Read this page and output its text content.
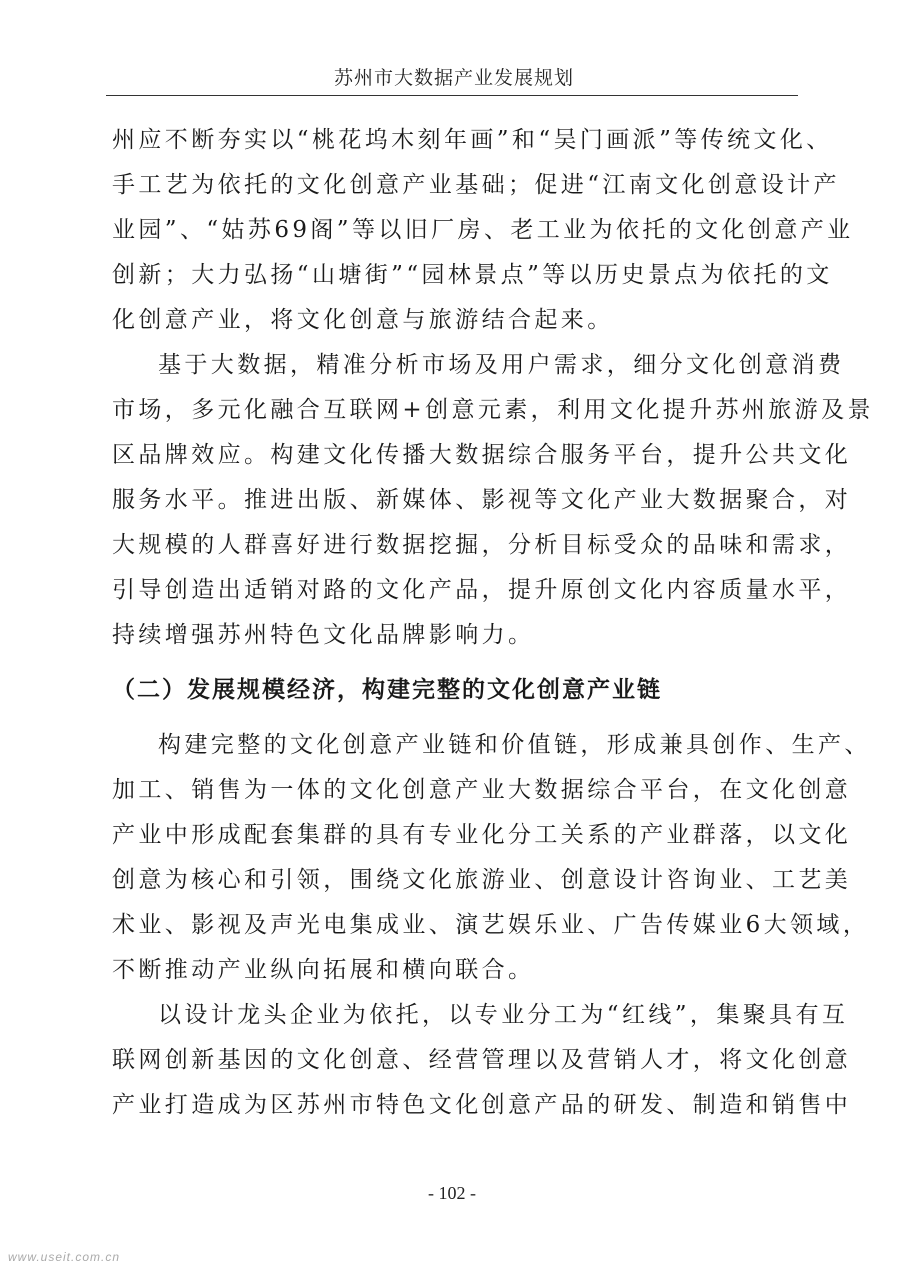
苏州市大数据产业发展规划
州应不断夯实以“桃花坞木刻年画”和“吴门画派”等传统文化、
手工艺为依托的文化创意产业基础；促进“江南文化创意设计产
业园”、“姑苏69阁”等以旧厂房、老工业为依托的文化创意产业
创新；大力弘扬“山塘街”“园林景点”等以历史景点为依托的文
化创意产业，将文化创意与旅游结合起来。
基于大数据，精准分析市场及用户需求，细分文化创意消费
市场，多元化融合互联网+创意元素，利用文化提升苏州旅游及景
区品牌效应。构建文化传播大数据综合服务平台，提升公共文化
服务水平。推进出版、新媒体、影视等文化产业大数据聚合，对
大规模的人群喜好进行数据挖掘，分析目标受众的品味和需求，
引导创造出适销对路的文化产品，提升原创文化内容质量水平，
持续增强苏州特色文化品牌影响力。
（二）发展规模经济，构建完整的文化创意产业链
构建完整的文化创意产业链和价值链，形成兼具创作、生产、
加工、销售为一体的文化创意产业大数据综合平台，在文化创意
产业中形成配套集群的具有专业化分工关系的产业群落，以文化
创意为核心和引领，围绕文化旅游业、创意设计咨询业、工艺美
术业、影视及声光电集成业、演艺娱乐业、广告传媒业6大领域，
不断推动产业纵向拓展和横向联合。
以设计龙头企业为依托，以专业分工为“红线”，集聚具有互
联网创新基因的文化创意、经营管理以及营销人才，将文化创意
产业打造成为区苏州市特色文化创意产品的研发、制造和销售中
- 102 -
www.useit.com.cn
